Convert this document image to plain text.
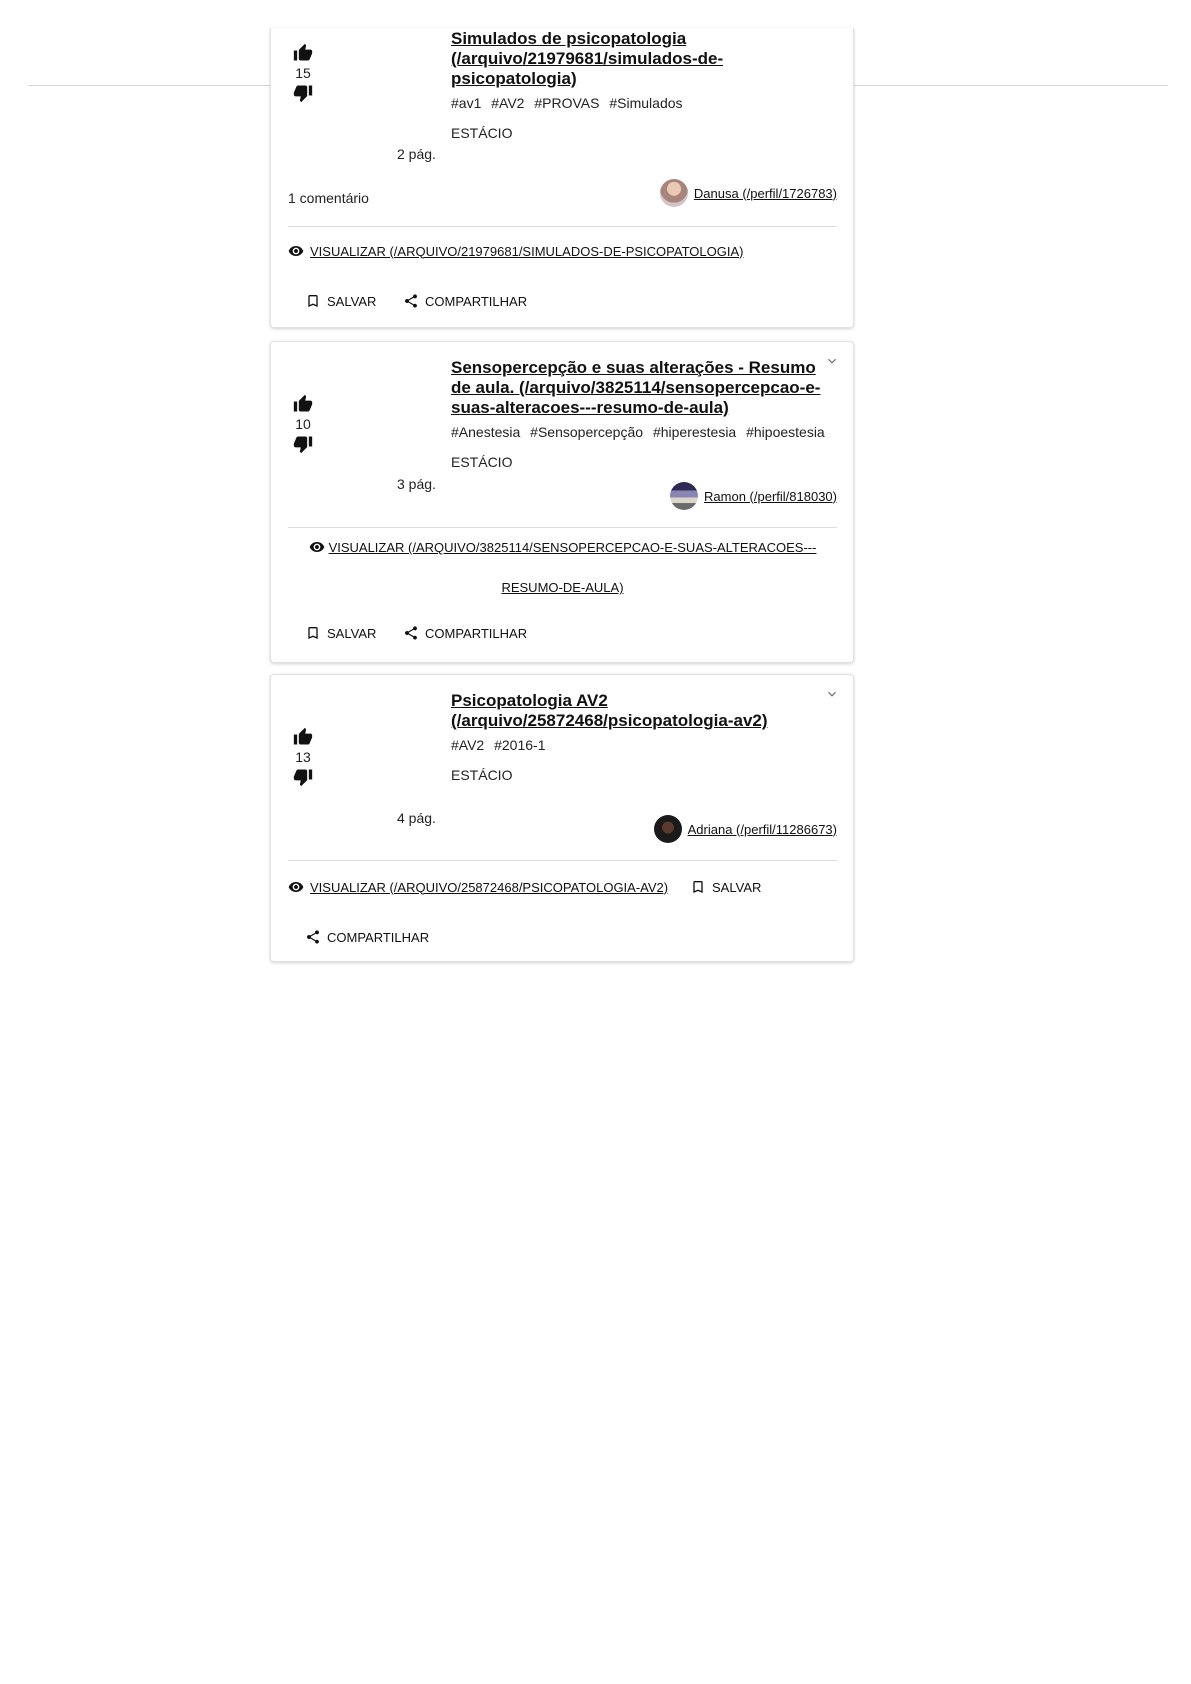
15
2 pág.
Simulados de psicopatologia (/arquivo/21979681/simulados-de-psicopatologia)
#av1 #AV2 #PROVAS #Simulados
ESTÁCIO
1 comentário	Danusa (/perfil/1726783)
VISUALIZAR (/ARQUIVO/21979681/SIMULADOS-DE-PSICOPATOLOGIA)
SALVAR	COMPARTILHAR
10
3 pág.
Sensopercepção e suas alterações - Resumo de aula. (/arquivo/3825114/sensopercepcao-e-suas-alteracoes---resumo-de-aula)
#Anestesia #Sensopercepção #hiperestesia #hipoestesia
ESTÁCIO
Ramon (/perfil/818030)
VISUALIZAR (/ARQUIVO/3825114/SENSOPERCEPCAO-E-SUAS-ALTERACOES---
RESUMO-DE-AULA)
SALVAR	COMPARTILHAR
13
4 pág.
Psicopatologia AV2 (/arquivo/25872468/psicopatologia-av2)
#AV2 #2016-1
ESTÁCIO
Adriana (/perfil/11286673)
VISUALIZAR (/ARQUIVO/25872468/PSICOPATOLOGIA-AV2)	SALVAR
COMPARTILHAR
